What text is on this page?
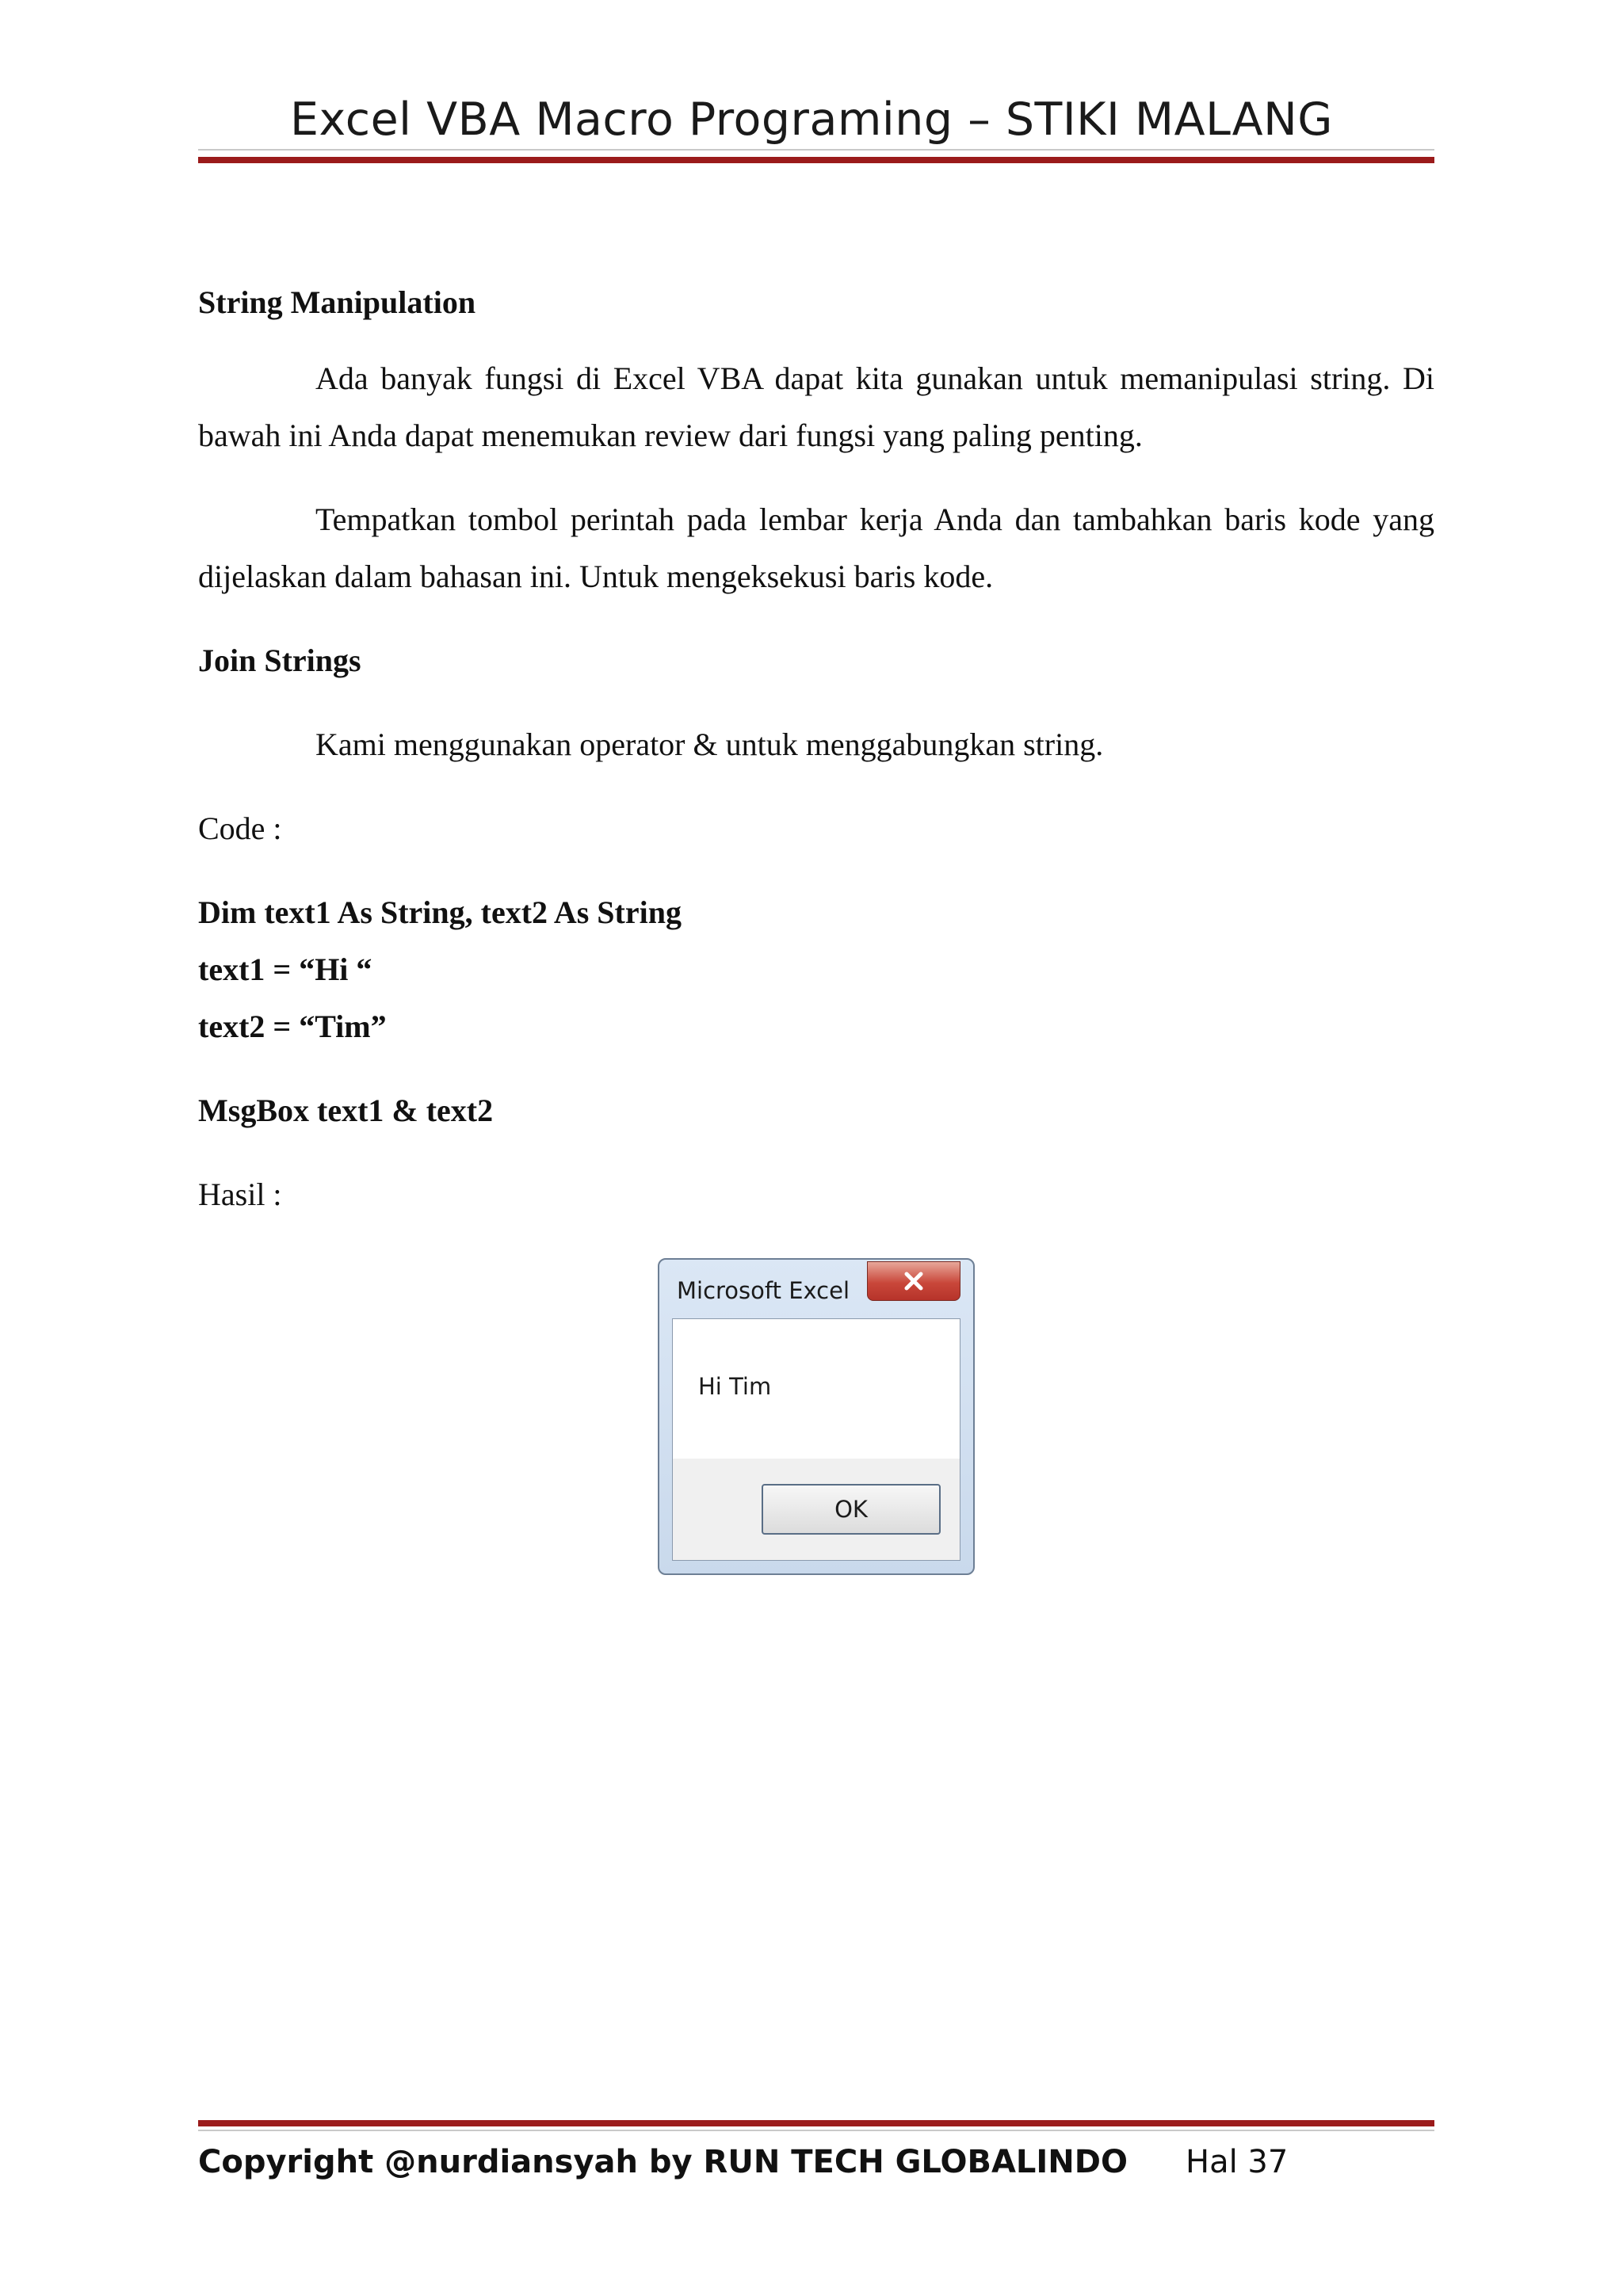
Excel VBA Macro Programing – STIKI MALANG
String Manipulation

Ada banyak fungsi di Excel VBA dapat kita gunakan untuk memanipulasi string. Di bawah ini Anda dapat menemukan review dari fungsi yang paling penting.

Tempatkan tombol perintah pada lembar kerja Anda dan tambahkan baris kode yang dijelaskan dalam bahasan ini. Untuk mengeksekusi baris kode.

Join Strings
Kami menggunakan operator & untuk menggabungkan string.
Code :
Dim text1 As String, text2 As String
text1 = “Hi “
text2 = “Tim”
MsgBox text1 & text2
Hasil :
Microsoft Excel
Hi Tim
OK
Copyright @nurdiansyah by RUN TECH GLOBALINDO Hal 37
